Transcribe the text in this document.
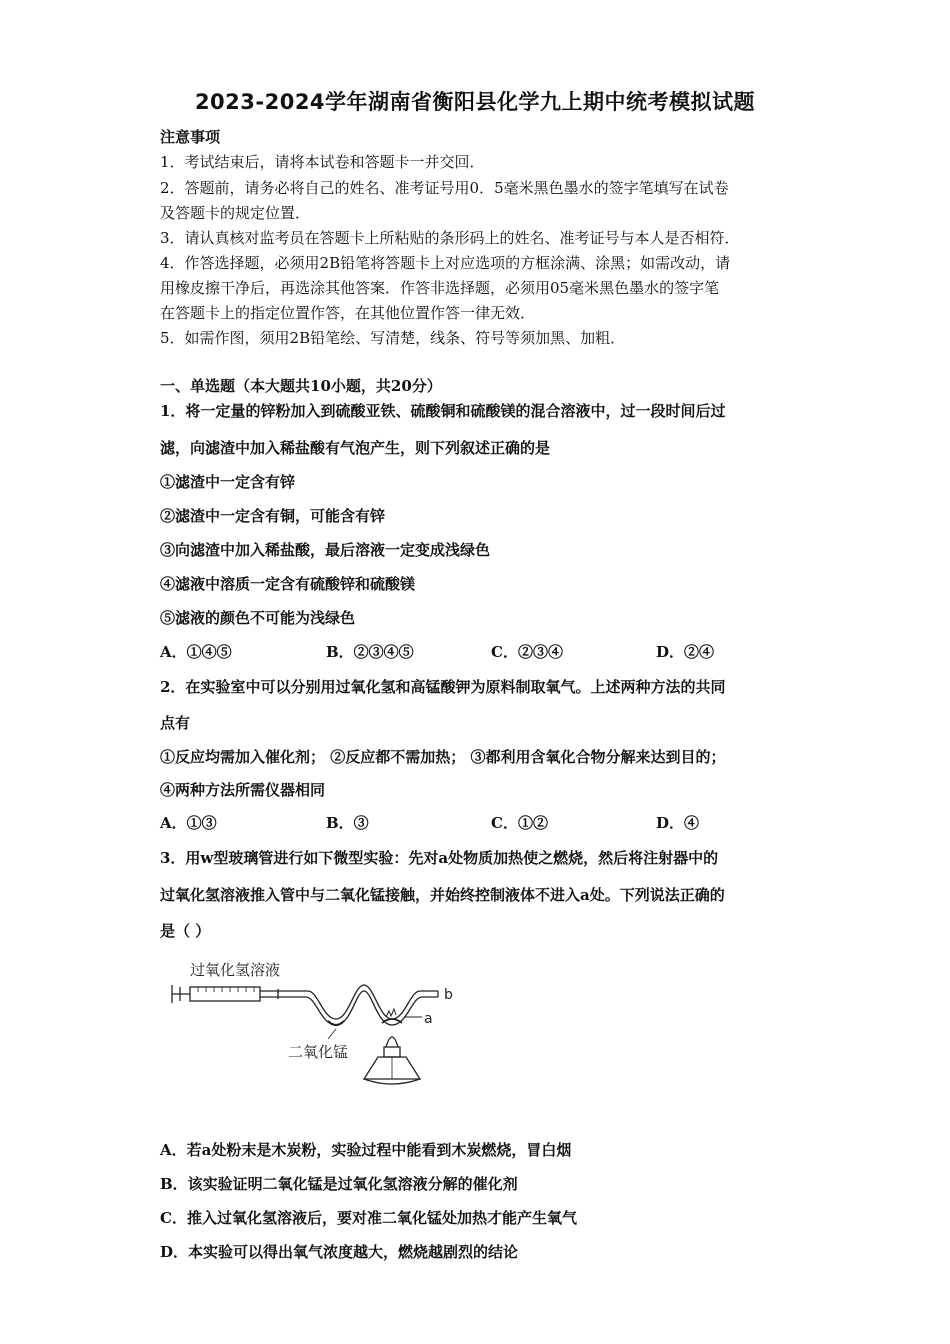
2023-2024学年湖南省衡阳县化学九上期中统考模拟试题
注意事项
1．考试结束后，请将本试卷和答题卡一并交回．
2．答题前，请务必将自己的姓名、准考证号用0．5毫米黑色墨水的签字笔填写在试卷
及答题卡的规定位置．
3．请认真核对监考员在答题卡上所粘贴的条形码上的姓名、准考证号与本人是否相符．
4．作答选择题，必须用2B铅笔将答题卡上对应选项的方框涂满、涂黑；如需改动，请
用橡皮擦干净后，再选涂其他答案．作答非选择题，必须用05毫米黑色墨水的签字笔
在答题卡上的指定位置作答，在其他位置作答一律无效．
5．如需作图，须用2B铅笔绘、写清楚，线条、符号等须加黑、加粗．
一、单选题（本大题共10小题，共20分）
1．将一定量的锌粉加入到硫酸亚铁、硫酸铜和硫酸镁的混合溶液中，过一段时间后过
滤，向滤渣中加入稀盐酸有气泡产生，则下列叙述正确的是
①滤渣中一定含有锌
②滤渣中一定含有铜，可能含有锌
③向滤渣中加入稀盐酸，最后溶液一定变成浅绿色
④滤液中溶质一定含有硫酸锌和硫酸镁
⑤滤液的颜色不可能为浅绿色
A．①④⑤	B．②③④⑤	C．②③④	D．②④
2．在实验室中可以分别用过氧化氢和高锰酸钾为原料制取氧气。上述两种方法的共同
点有
①反应均需加入催化剂； ②反应都不需加热； ③都利用含氧化合物分解来达到目的；
④两种方法所需仪器相同
A．①③	B．③	C．①②	D．④
3．用w型玻璃管进行如下微型实验：先对a处物质加热使之燃烧，然后将注射器中的
过氧化氢溶液推入管中与二氧化锰接触，并始终控制液体不进入a处。下列说法正确的
是（ ）
过氧化氢溶液
二氧化锰
a
b
A．若a处粉末是木炭粉，实验过程中能看到木炭燃烧，冒白烟
B．该实验证明二氧化锰是过氧化氢溶液分解的催化剂
C．推入过氧化氢溶液后，要对准二氧化锰处加热才能产生氧气
D．本实验可以得出氧气浓度越大，燃烧越剧烈的结论
